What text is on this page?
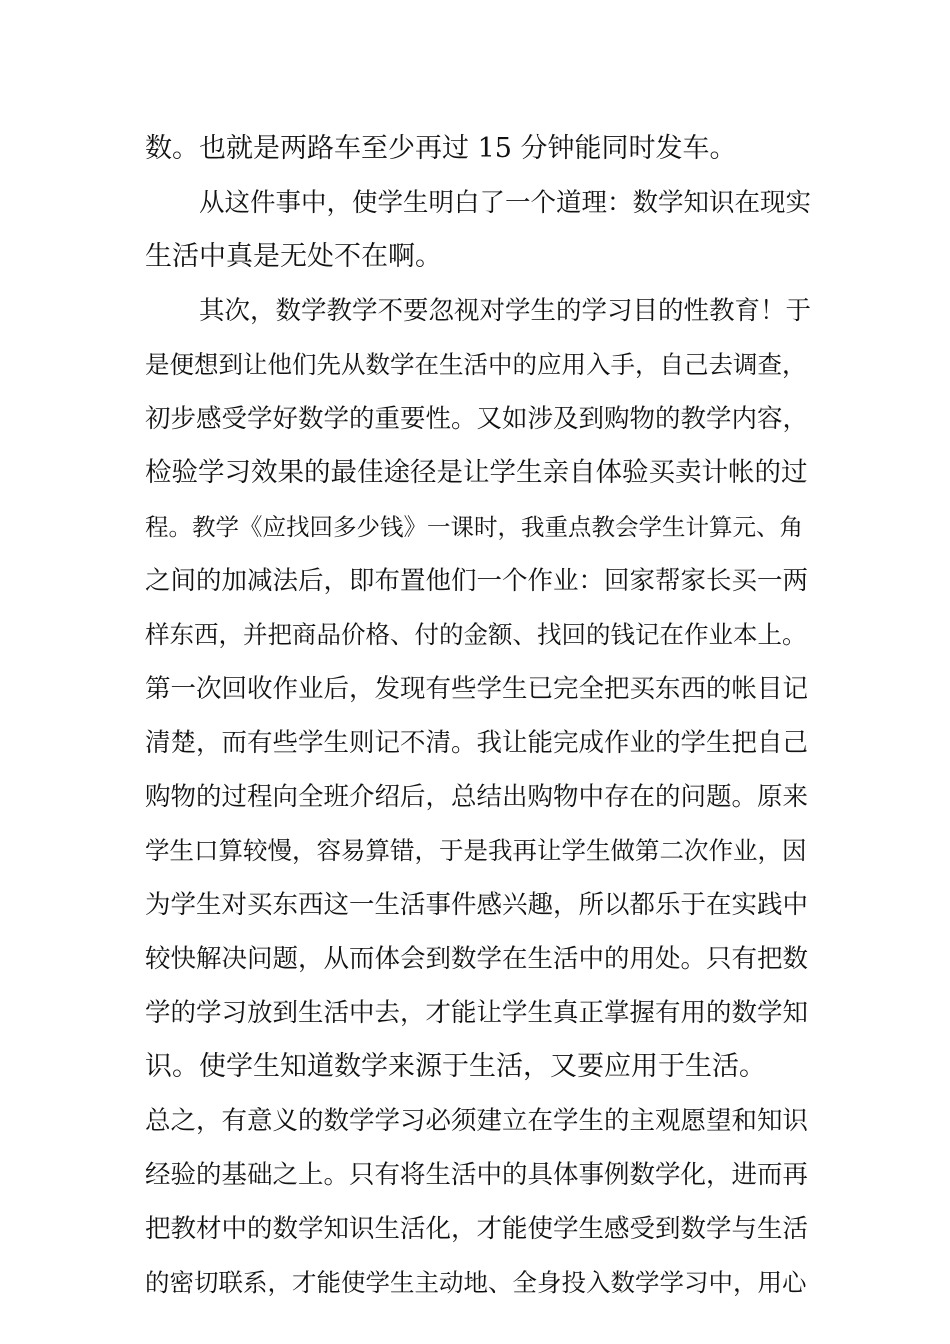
数。也就是两路车至少再过 15 分钟能同时发车。
从这件事中，使学生明白了一个道理：数学知识在现实
生活中真是无处不在啊。
其次，数学教学不要忽视对学生的学习目的性教育！于
是便想到让他们先从数学在生活中的应用入手，自己去调查，
初步感受学好数学的重要性。又如涉及到购物的教学内容，
检验学习效果的最佳途径是让学生亲自体验买卖计帐的过
程。教学《应找回多少钱》一课时，我重点教会学生计算元、角
之间的加减法后，即布置他们一个作业：回家帮家长买一两
样东西，并把商品价格、付的金额、找回的钱记在作业本上。
第一次回收作业后，发现有些学生已完全把买东西的帐目记
清楚，而有些学生则记不清。我让能完成作业的学生把自己
购物的过程向全班介绍后，总结出购物中存在的问题。原来
学生口算较慢，容易算错，于是我再让学生做第二次作业，因
为学生对买东西这一生活事件感兴趣，所以都乐于在实践中
较快解决问题，从而体会到数学在生活中的用处。只有把数
学的学习放到生活中去，才能让学生真正掌握有用的数学知
识。使学生知道数学来源于生活，又要应用于生活。
总之，有意义的数学学习必须建立在学生的主观愿望和知识
经验的基础之上。只有将生活中的具体事例数学化，进而再
把教材中的数学知识生活化，才能使学生感受到数学与生活
的密切联系，才能使学生主动地、全身投入数学学习中，用心
